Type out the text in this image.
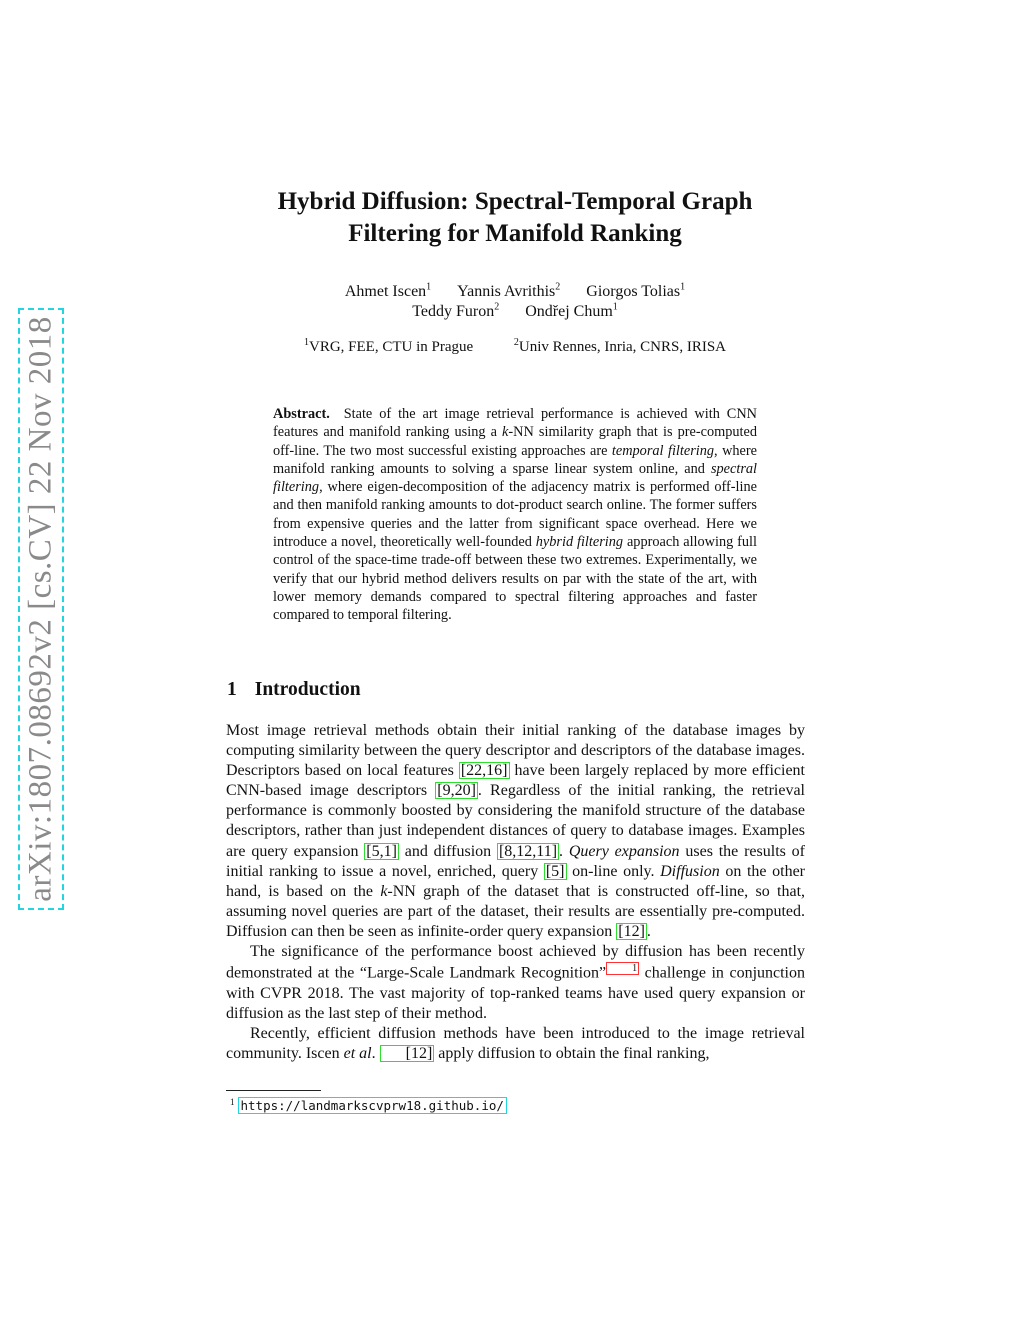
arXiv:1807.08692v2 [cs.CV] 22 Nov 2018
Hybrid Diffusion: Spectral-Temporal Graph
Filtering for Manifold Ranking
Ahmet Iscen$^1$ Yannis Avrithis$^2$ Giorgos Tolias$^1$
Teddy Furon$^2$ Ondřej Chum$^1$
$^1$VRG, FEE, CTU in Prague	$^2$Univ Rennes, Inria, CNRS, IRISA
Abstract. State of the art image retrieval performance is achieved with CNN features and manifold ranking using a k-NN similarity graph that is pre-computed off-line. The two most successful existing approaches are temporal filtering, where manifold ranking amounts to solving a sparse linear system online, and spectral filtering, where eigen-decomposition of the adjacency matrix is performed off-line and then manifold ranking amounts to dot-product search online. The former suffers from expensive queries and the latter from significant space overhead. Here we introduce a novel, theoretically well-founded hybrid filtering approach allowing full control of the space-time trade-off between these two extremes. Experimentally, we verify that our hybrid method delivers results on par with the state of the art, with lower memory demands compared to spectral filtering approaches and faster compared to temporal filtering.
1 Introduction

Most image retrieval methods obtain their initial ranking of the database images by computing similarity between the query descriptor and descriptors of the database images. Descriptors based on local features [22,16] have been largely replaced by more efficient CNN-based image descriptors [9,20] . Regardless of the initial ranking, the retrieval performance is commonly boosted by considering the manifold structure of the database descriptors, rather than just independent distances of query to database images. Examples are query expansion [5,1] and diffusion [8,12,11] . Query expansion uses the results of initial ranking to issue a novel, enriched, query [5] on-line only. Diffusion on the other hand, is based on the k-NN graph of the dataset that is constructed off-line, so that, assuming novel queries are part of the dataset, their results are essentially pre-computed. Diffusion can then be seen as infinite-order query expansion [12] .

The significance of the performance boost achieved by diffusion has been recently demonstrated at the “Large-Scale Landmark Recognition”	1 challenge in conjunction with CVPR 2018. The vast majority of top-ranked teams have used query expansion or diffusion as the last step of their method.

Recently, efficient diffusion methods have been introduced to the image retrieval community. Iscen et al. [12] apply diffusion to obtain the final ranking,

$^1$ https://landmarkscvprw18.github.io/
